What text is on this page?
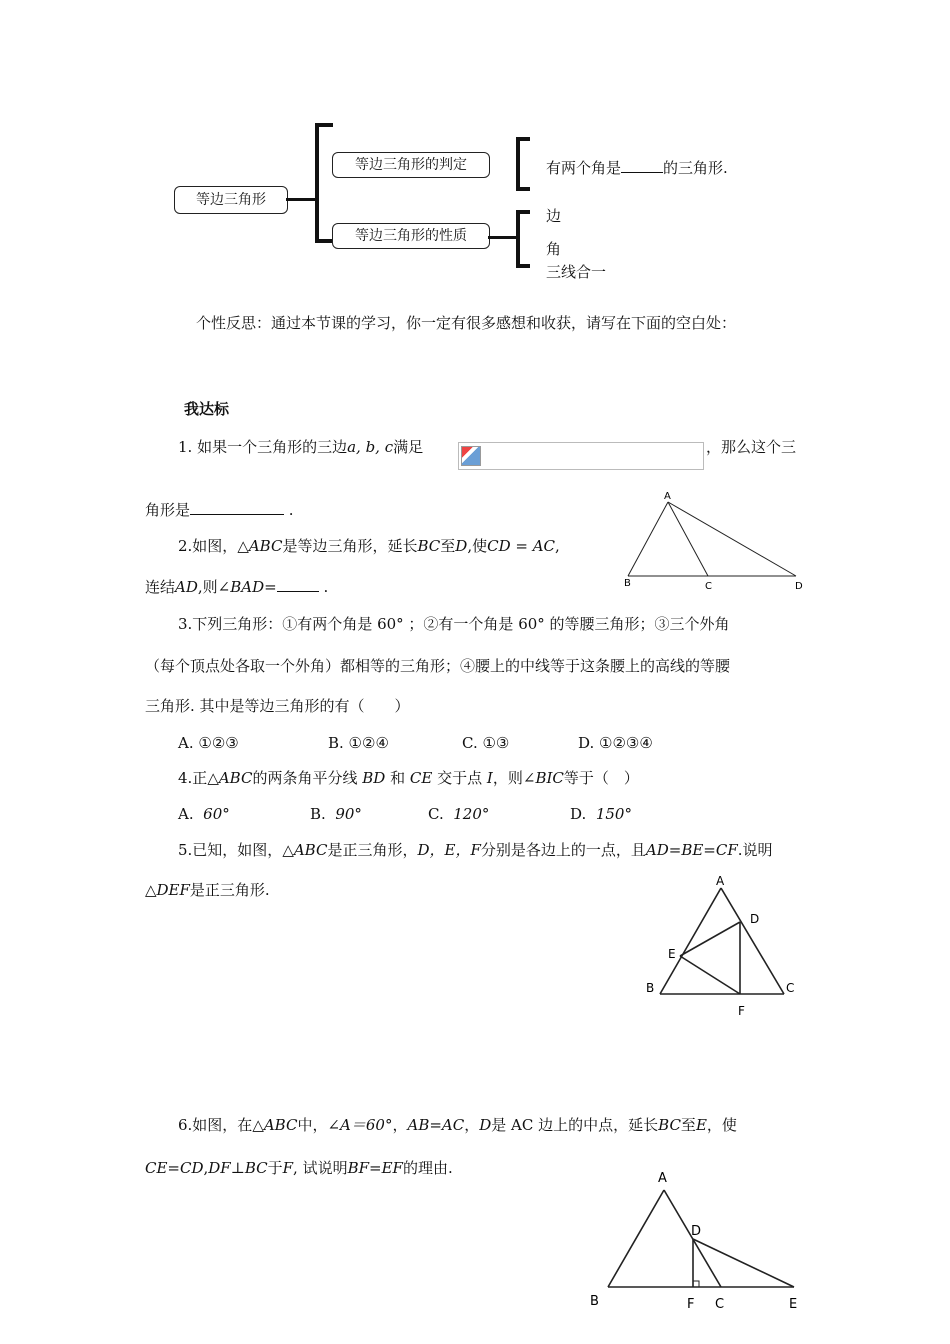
等边三角形
等边三角形的判定
等边三角形的性质
有两个角是	的三角形.
边
角
三线合一
个性反思：通过本节课的学习，你一定有很多感想和收获，请写在下面的空白处：
我达标
1. 如果一个三角形的三边a, b, c满足	，那么这个三
角形是	.
2.如图，△ABC是等边三角形，延长BC至D,使CD = AC,
连结AD,则∠BAD=	.
A
B	C	D
3.下列三角形：①有两个角是 60° ；②有一个角是 60° 的等腰三角形；③三个外角
（每个顶点处各取一个外角）都相等的三角形；④腰上的中线等于这条腰上的高线的等腰
三角形. 其中是等边三角形的有（　　）
A. ①②③	B. ①②④	C. ①③	D. ①②③④
4.正△ABC的两条角平分线 BD 和 CE 交于点 I，则∠BIC等于（　）
A. 60°	B. 90°	C. 120°	D. 150°
5.已知，如图，△ABC是正三角形，D，E，F分别是各边上的一点，且AD=BE=CF.说明
△DEF是正三角形.	A
D
E
B	C
F
6.如图，在△ABC中，∠A＝60°，AB=AC，D是 AC 边上的中点，延长BC至E，使
CE=CD,DF⊥BC于F, 试说明BF=EF的理由.
A
D
B	F C	E
